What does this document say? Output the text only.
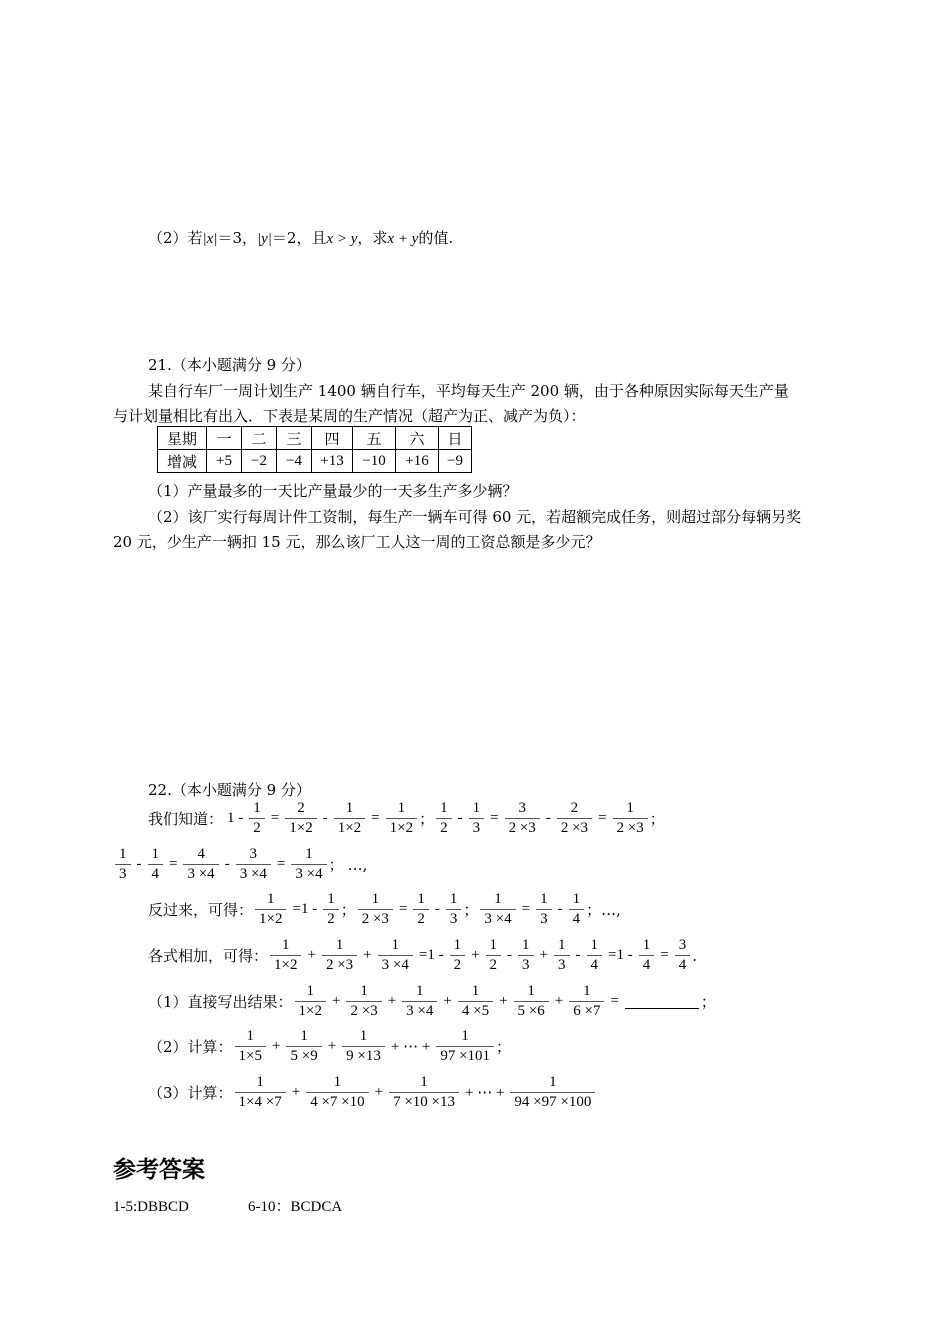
（2）若|x|＝3，|y|＝2，且x > y，求x + y的值.
21.（本小题满分 9 分）
某自行车厂一周计划生产 1400 辆自行车，平均每天生产 200 辆，由于各种原因实际每天生产量
与计划量相比有出入．下表是某周的生产情况（超产为正、减产为负）：
星期	一	二	三	四	五	六	日
增减	+5	−2	−4	+13	−10	+16	−9
（1）产量最多的一天比产量最少的一天多生产多少辆？
（2）该厂实行每周计件工资制，每生产一辆车可得 60 元，若超额完成任务，则超过部分每辆另奖
20 元，少生产一辆扣 15 元，那么该厂工人这一周的工资总额是多少元？
22.（本小题满分 9 分）
我们知道： $1 - \frac{1}{2} = \frac{2}{1\times 2} - \frac{1}{1\times 2} = \frac{1}{1\times 2}$ ； $\frac{1}{2} - \frac{1}{3} = \frac{3}{2 \times 3} - \frac{2}{2 \times 3} = \frac{1}{2 \times 3}$ ；
$\frac{1}{3} - \frac{1}{4} = \frac{4}{3 \times 4} - \frac{3}{3 \times 4} = \frac{1}{3 \times 4}$ ； …,
反过来，可得： $\frac{1}{1\times 2} =1 - \frac{1}{2}$ ； $\frac{1}{2 \times 3} = \frac{1}{2} - \frac{1}{3}$ ； $\frac{1}{3 \times 4} = \frac{1}{3} - \frac{1}{4}$ ；…,
各式相加，可得： $\frac{1}{1\times 2} + \frac{1}{2 \times 3} + \frac{1}{3 \times 4} =1 - \frac{1}{2} + \frac{1}{2} - \frac{1}{3} + \frac{1}{3} - \frac{1}{4} =1 - \frac{1}{4} = \frac{3}{4}$ .
（1）直接写出结果： $\frac{1}{1\times 2} + \frac{1}{2 \times 3} + \frac{1}{3 \times 4} + \frac{1}{4 \times 5} + \frac{1}{5 \times 6} + \frac{1}{6 \times 7}$ =	；
（2）计算： $\frac{1}{1\times 5} + \frac{1}{5 \times 9} + \frac{1}{9 \times 13}$ + ⋯ + $\frac{1}{97 \times 101}$ ；
（3）计算： $\frac{1}{1\times 4 \times 7} + \frac{1}{4 \times 7 \times 10} + \frac{1}{7 \times 10 \times 13}$ + ⋯ + $\frac{1}{94 \times 97 \times 100}$
参考答案
1-5:DBBCD	6-10：BCDCA
